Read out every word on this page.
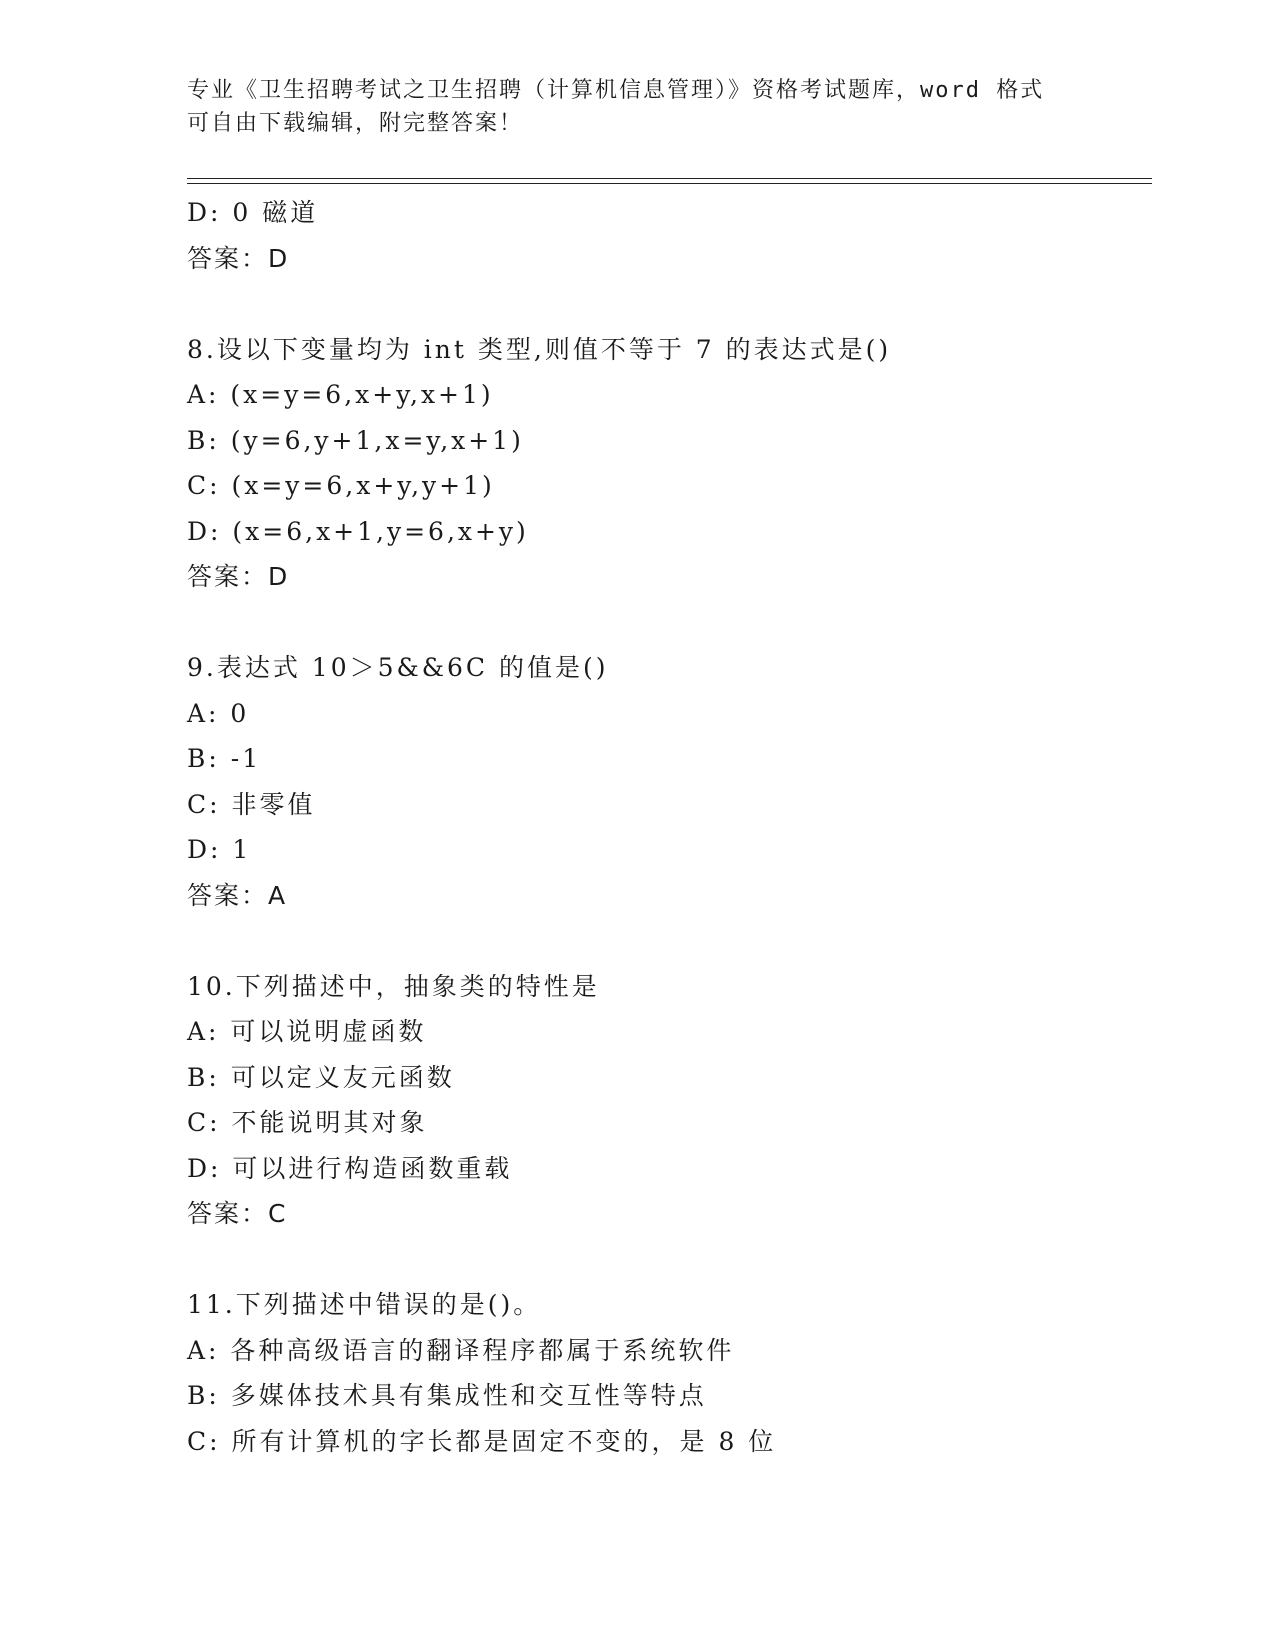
专业《卫生招聘考试之卫生招聘（计算机信息管理）》资格考试题库，word 格式
可自由下载编辑，附完整答案！
D: 0 磁道
答案：D
8.设以下变量均为 int 类型,则值不等于 7 的表达式是()
A: (x=y=6,x+y,x+1)
B: (y=6,y+1,x=y,x+1)
C: (x=y=6,x+y,y+1)
D: (x=6,x+1,y=6,x+y)
答案：D
9.表达式 10＞5&&6C 的值是()
A: 0
B: -1
C: 非零值
D: 1
答案：A
10.下列描述中，抽象类的特性是
A: 可以说明虚函数
B: 可以定义友元函数
C: 不能说明其对象
D: 可以进行构造函数重载
答案：C
11.下列描述中错误的是()。
A: 各种高级语言的翻译程序都属于系统软件
B: 多媒体技术具有集成性和交互性等特点
C: 所有计算机的字长都是固定不变的，是 8 位
